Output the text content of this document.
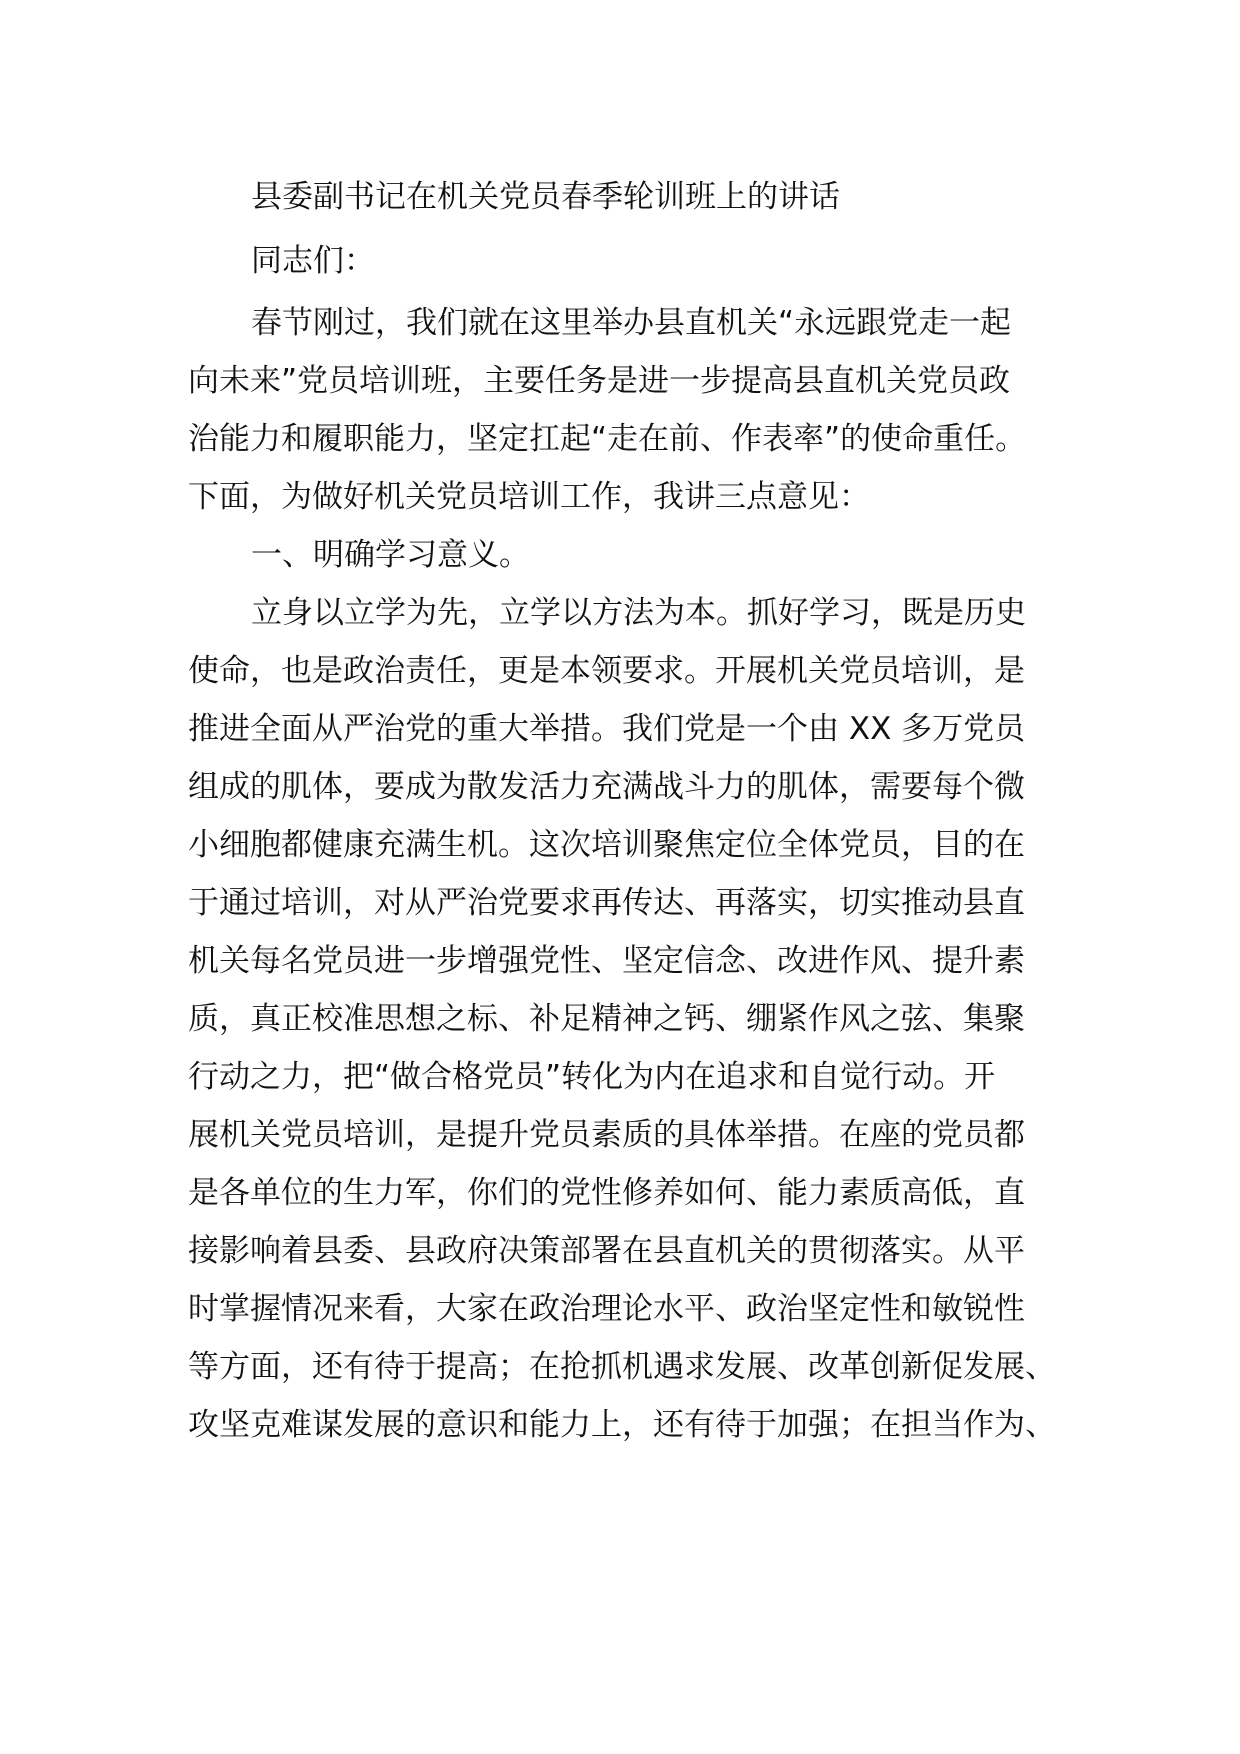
县委副书记在机关党员春季轮训班上的讲话
同志们：
春节刚过，我们就在这里举办县直机关“永远跟党走一起
向未来”党员培训班，主要任务是进一步提高县直机关党员政
治能力和履职能力，坚定扛起“走在前、作表率”的使命重任。
下面，为做好机关党员培训工作，我讲三点意见：
一、明确学习意义。
立身以立学为先，立学以方法为本。抓好学习，既是历史
使命，也是政治责任，更是本领要求。开展机关党员培训，是
推进全面从严治党的重大举措。我们党是一个由 XX 多万党员
组成的肌体，要成为散发活力充满战斗力的肌体，需要每个微
小细胞都健康充满生机。这次培训聚焦定位全体党员，目的在
于通过培训，对从严治党要求再传达、再落实，切实推动县直
机关每名党员进一步增强党性、坚定信念、改进作风、提升素
质，真正校准思想之标、补足精神之钙、绷紧作风之弦、集聚
行动之力，把“做合格党员”转化为内在追求和自觉行动。开
展机关党员培训，是提升党员素质的具体举措。在座的党员都
是各单位的生力军，你们的党性修养如何、能力素质高低，直
接影响着县委、县政府决策部署在县直机关的贯彻落实。从平
时掌握情况来看，大家在政治理论水平、政治坚定性和敏锐性
等方面，还有待于提高；在抢抓机遇求发展、改革创新促发展、
攻坚克难谋发展的意识和能力上，还有待于加强；在担当作为、
